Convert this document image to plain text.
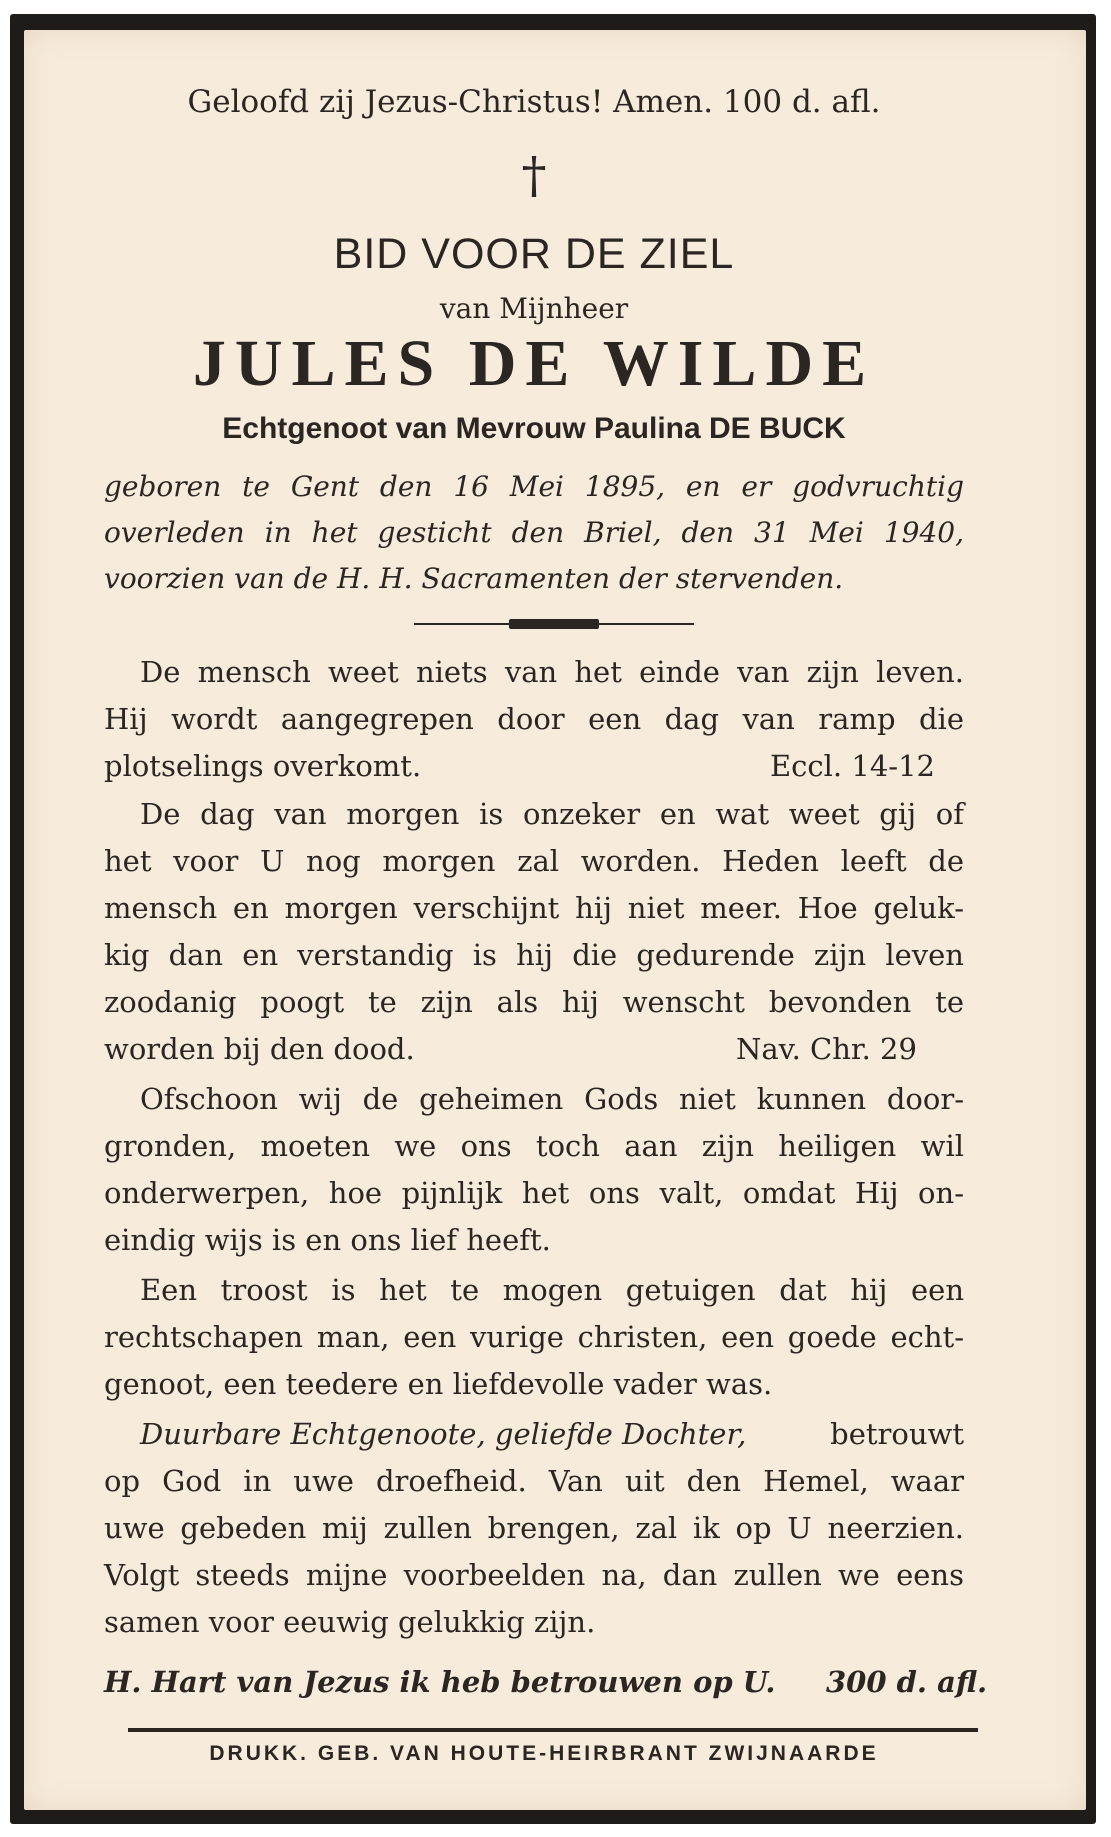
Geloofd zij Jezus-Christus! Amen. 100 d. afl.
†
BID VOOR DE ZIEL
van Mijnheer
JULES DE WILDE
Echtgenoot van Mevrouw Paulina DE BUCK
geboren te Gent den 16 Mei 1895, en er godvruchtig
overleden in het gesticht den Briel, den 31 Mei 1940,
voorzien van de H. H. Sacramenten der stervenden.
De mensch weet niets van het einde van zijn leven.
Hij wordt aangegrepen door een dag van ramp die
plotselings overkomt.	Eccl. 14-12
De dag van morgen is onzeker en wat weet gij of
het voor U nog morgen zal worden. Heden leeft de
mensch en morgen verschijnt hij niet meer. Hoe geluk-
kig dan en verstandig is hij die gedurende zijn leven
zoodanig poogt te zijn als hij wenscht bevonden te
worden bij den dood.	Nav. Chr. 29
Ofschoon wij de geheimen Gods niet kunnen door-
gronden, moeten we ons toch aan zijn heiligen wil
onderwerpen, hoe pijnlijk het ons valt, omdat Hij on-
eindig wijs is en ons lief heeft.
Een troost is het te mogen getuigen dat hij een
rechtschapen man, een vurige christen, een goede echt-
genoot, een teedere en liefdevolle vader was.
Duurbare Echtgenoote, geliefde Dochter,	betrouwt
op God in uwe droefheid. Van uit den Hemel, waar
uwe gebeden mij zullen brengen, zal ik op U neerzien.
Volgt steeds mijne voorbeelden na, dan zullen we eens
samen voor eeuwig gelukkig zijn.
H. Hart van Jezus ik heb betrouwen op U.	300 d. afl.
DRUKK. GEB. VAN HOUTE-HEIRBRANT ZWIJNAARDE
